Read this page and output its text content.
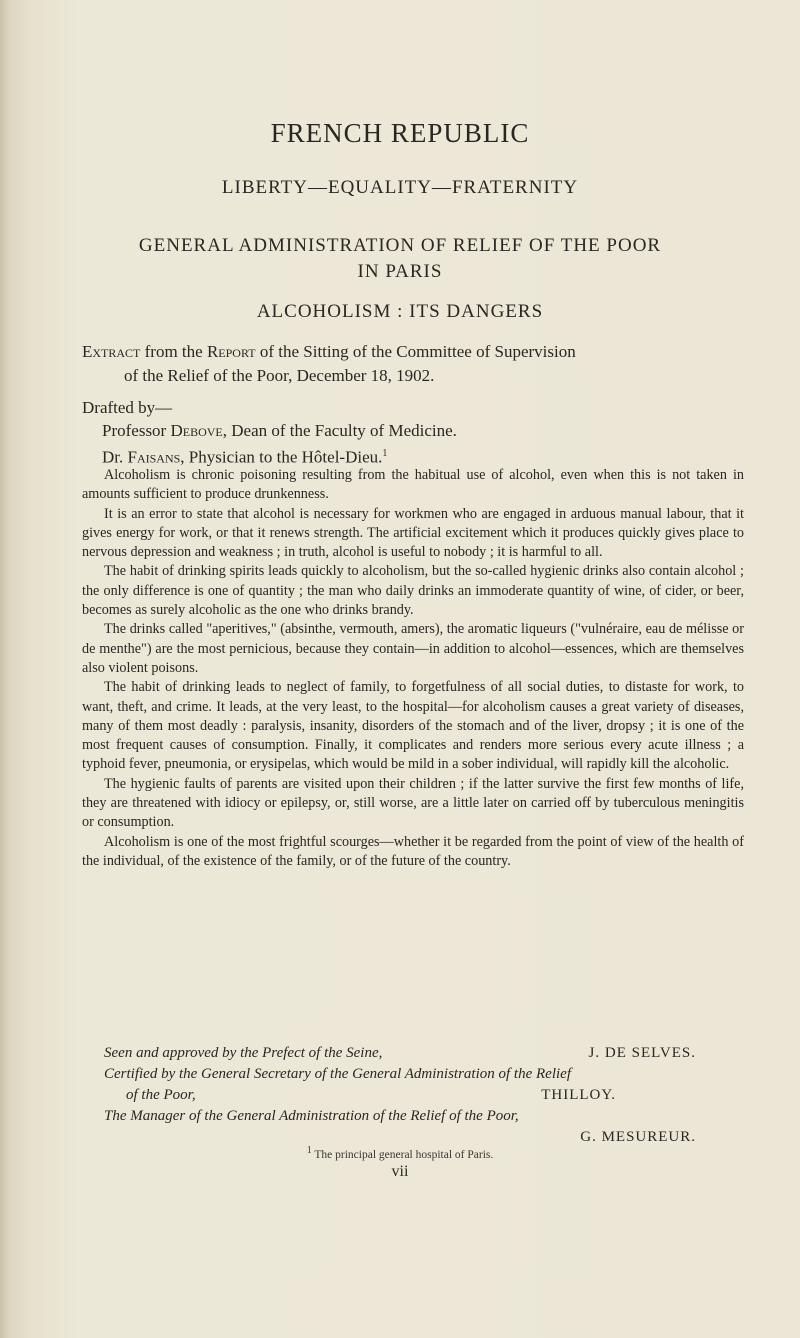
FRENCH REPUBLIC
LIBERTY—EQUALITY—FRATERNITY
GENERAL ADMINISTRATION OF RELIEF OF THE POOR
IN PARIS
ALCOHOLISM : ITS DANGERS
Extract from the Report of the Sitting of the Committee of Supervision
of the Relief of the Poor, December 18, 1902.
Drafted by—
Professor Debove, Dean of the Faculty of Medicine.
Dr. Faisans, Physician to the Hôtel-Dieu.$^1$

Alcoholism is chronic poisoning resulting from the habitual use of alcohol, even when this is not taken in amounts sufficient to produce drunkenness.

It is an error to state that alcohol is necessary for workmen who are engaged in arduous manual labour, that it gives energy for work, or that it renews strength. The artificial excitement which it produces quickly gives place to nervous depression and weakness ; in truth, alcohol is useful to nobody ; it is harmful to all.

The habit of drinking spirits leads quickly to alcoholism, but the so-called hygienic drinks also contain alcohol ; the only difference is one of quantity ; the man who daily drinks an immoderate quantity of wine, of cider, or beer, becomes as surely alcoholic as the one who drinks brandy.

The drinks called "aperitives," (absinthe, vermouth, amers), the aromatic liqueurs ("vulnéraire, eau de mélisse or de menthe") are the most pernicious, because they contain—in addition to alcohol—essences, which are themselves also violent poisons.

The habit of drinking leads to neglect of family, to forgetfulness of all social duties, to distaste for work, to want, theft, and crime. It leads, at the very least, to the hospital—for alcoholism causes a great variety of diseases, many of them most deadly : paralysis, insanity, disorders of the stomach and of the liver, dropsy ; it is one of the most frequent causes of consumption. Finally, it complicates and renders more serious every acute illness ; a typhoid fever, pneumonia, or erysipelas, which would be mild in a sober individual, will rapidly kill the alcoholic.

The hygienic faults of parents are visited upon their children ; if the latter survive the first few months of life, they are threatened with idiocy or epilepsy, or, still worse, are a little later on carried off by tuberculous meningitis or consumption.

Alcoholism is one of the most frightful scourges—whether it be regarded from the point of view of the health of the individual, of the existence of the family, or of the future of the country.

Seen and approved by the Prefect of the Seine,	J. DE SELVES.
Certified by the General Secretary of the General Administration of the Relief
of the Poor,	THILLOY.
The Manager of the General Administration of the Relief of the Poor,
G. MESUREUR.
$^1$ The principal general hospital of Paris.
vii
